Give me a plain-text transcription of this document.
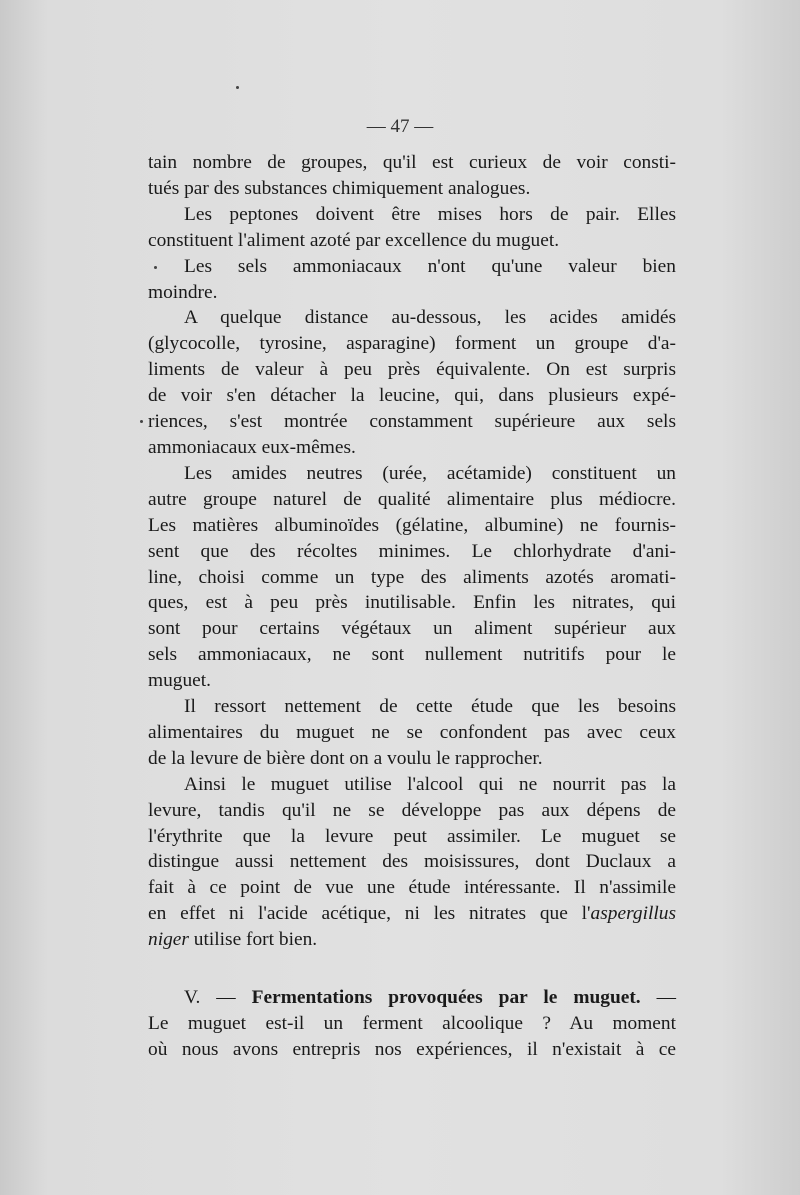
— 47 —
tain nombre de groupes, qu'il est curieux de voir consti-
tués par des substances chimiquement analogues.
Les peptones doivent être mises hors de pair. Elles
constituent l'aliment azoté par excellence du muguet.
Les sels ammoniacaux n'ont qu'une valeur bien
moindre.
A quelque distance au-dessous, les acides amidés
(glycocolle, tyrosine, asparagine) forment un groupe d'a-
liments de valeur à peu près équivalente. On est surpris
de voir s'en détacher la leucine, qui, dans plusieurs expé-
riences, s'est montrée constamment supérieure aux sels
ammoniacaux eux-mêmes.
Les amides neutres (urée, acétamide) constituent un
autre groupe naturel de qualité alimentaire plus médiocre.
Les matières albuminoïdes (gélatine, albumine) ne fournis-
sent que des récoltes minimes. Le chlorhydrate d'ani-
line, choisi comme un type des aliments azotés aromati-
ques, est à peu près inutilisable. Enfin les nitrates, qui
sont pour certains végétaux un aliment supérieur aux
sels ammoniacaux, ne sont nullement nutritifs pour le
muguet.
Il ressort nettement de cette étude que les besoins
alimentaires du muguet ne se confondent pas avec ceux
de la levure de bière dont on a voulu le rapprocher.
Ainsi le muguet utilise l'alcool qui ne nourrit pas la
levure, tandis qu'il ne se développe pas aux dépens de
l'érythrite que la levure peut assimiler. Le muguet se
distingue aussi nettement des moisissures, dont Duclaux a
fait à ce point de vue une étude intéressante. Il n'assimile
en effet ni l'acide acétique, ni les nitrates que l'aspergillus
niger utilise fort bien.
V. — Fermentations provoquées par le muguet. —
Le muguet est-il un ferment alcoolique ? Au moment
où nous avons entrepris nos expériences, il n'existait à ce
